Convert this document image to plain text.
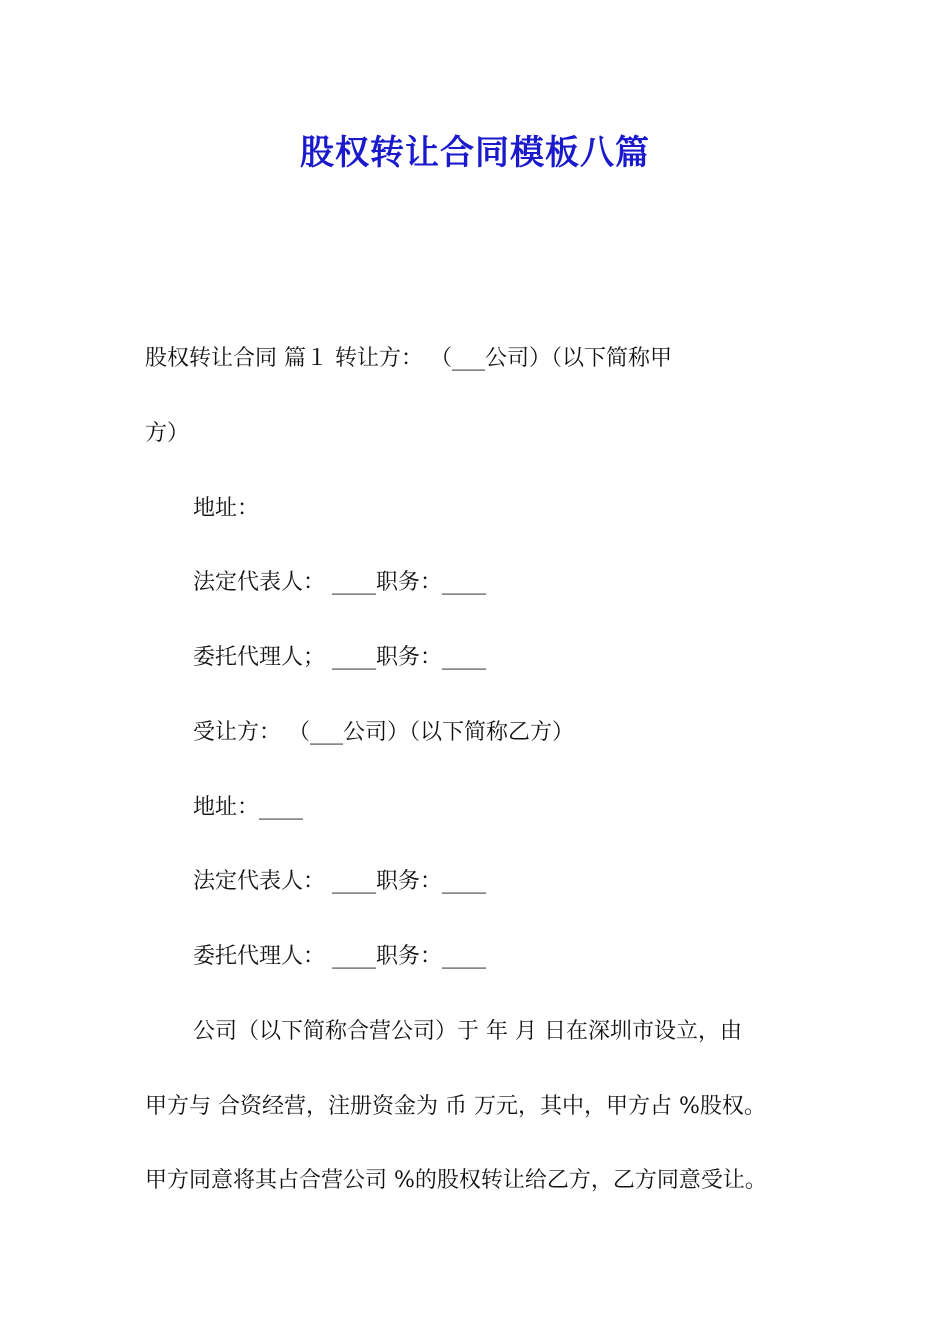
股权转让合同模板八篇
股权转让合同 篇１ 转让方： （___公司）（以下简称甲
方）
地址：
法定代表人： ____职务：____
委托代理人； ____职务：____
受让方： （___公司）（以下简称乙方）
地址：____
法定代表人： ____职务：____
委托代理人： ____职务：____
公司（以下简称合营公司）于 年 月 日在深圳市设立，由
甲方与 合资经营，注册资金为 币 万元，其中，甲方占 %股权。
甲方同意将其占合营公司 %的股权转让给乙方，乙方同意受让。
